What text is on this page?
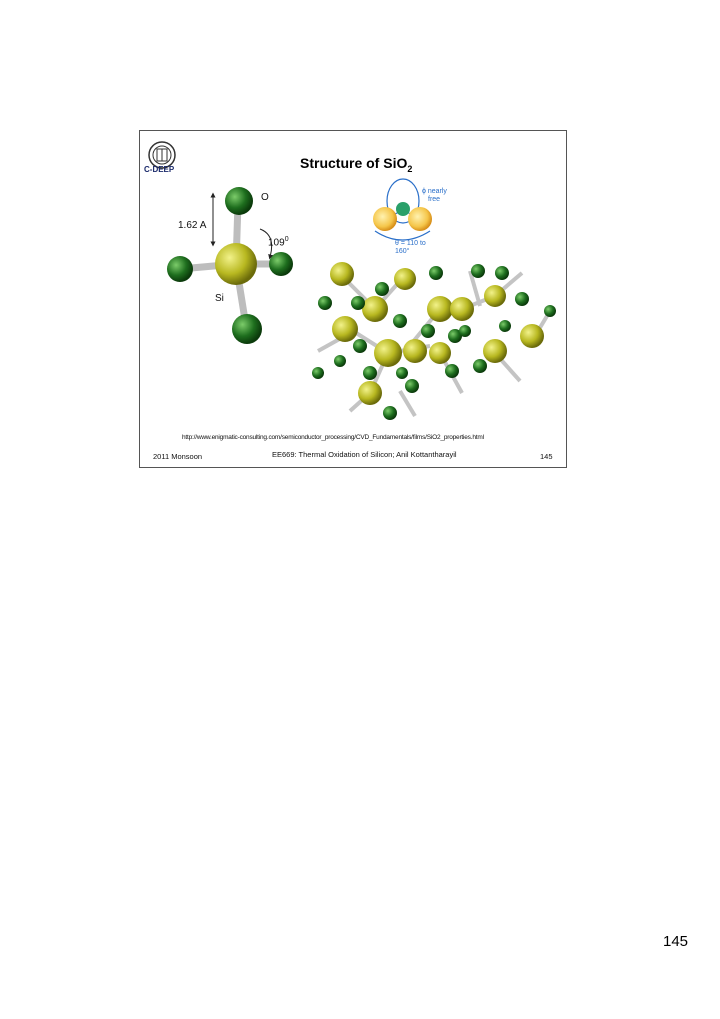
C-DEEP	Structure of SiO$_2$
O
1.62 A
$109^0$
Si
ϕ nearly
free
θ = 110 to
160°
http://www.enigmatic-consulting.com/semiconductor_processing/CVD_Fundamentals/films/SiO2_properties.html
2011 Monsoon	EE669: Thermal Oxidation of Silicon; Anil Kottantharayil	145
145
